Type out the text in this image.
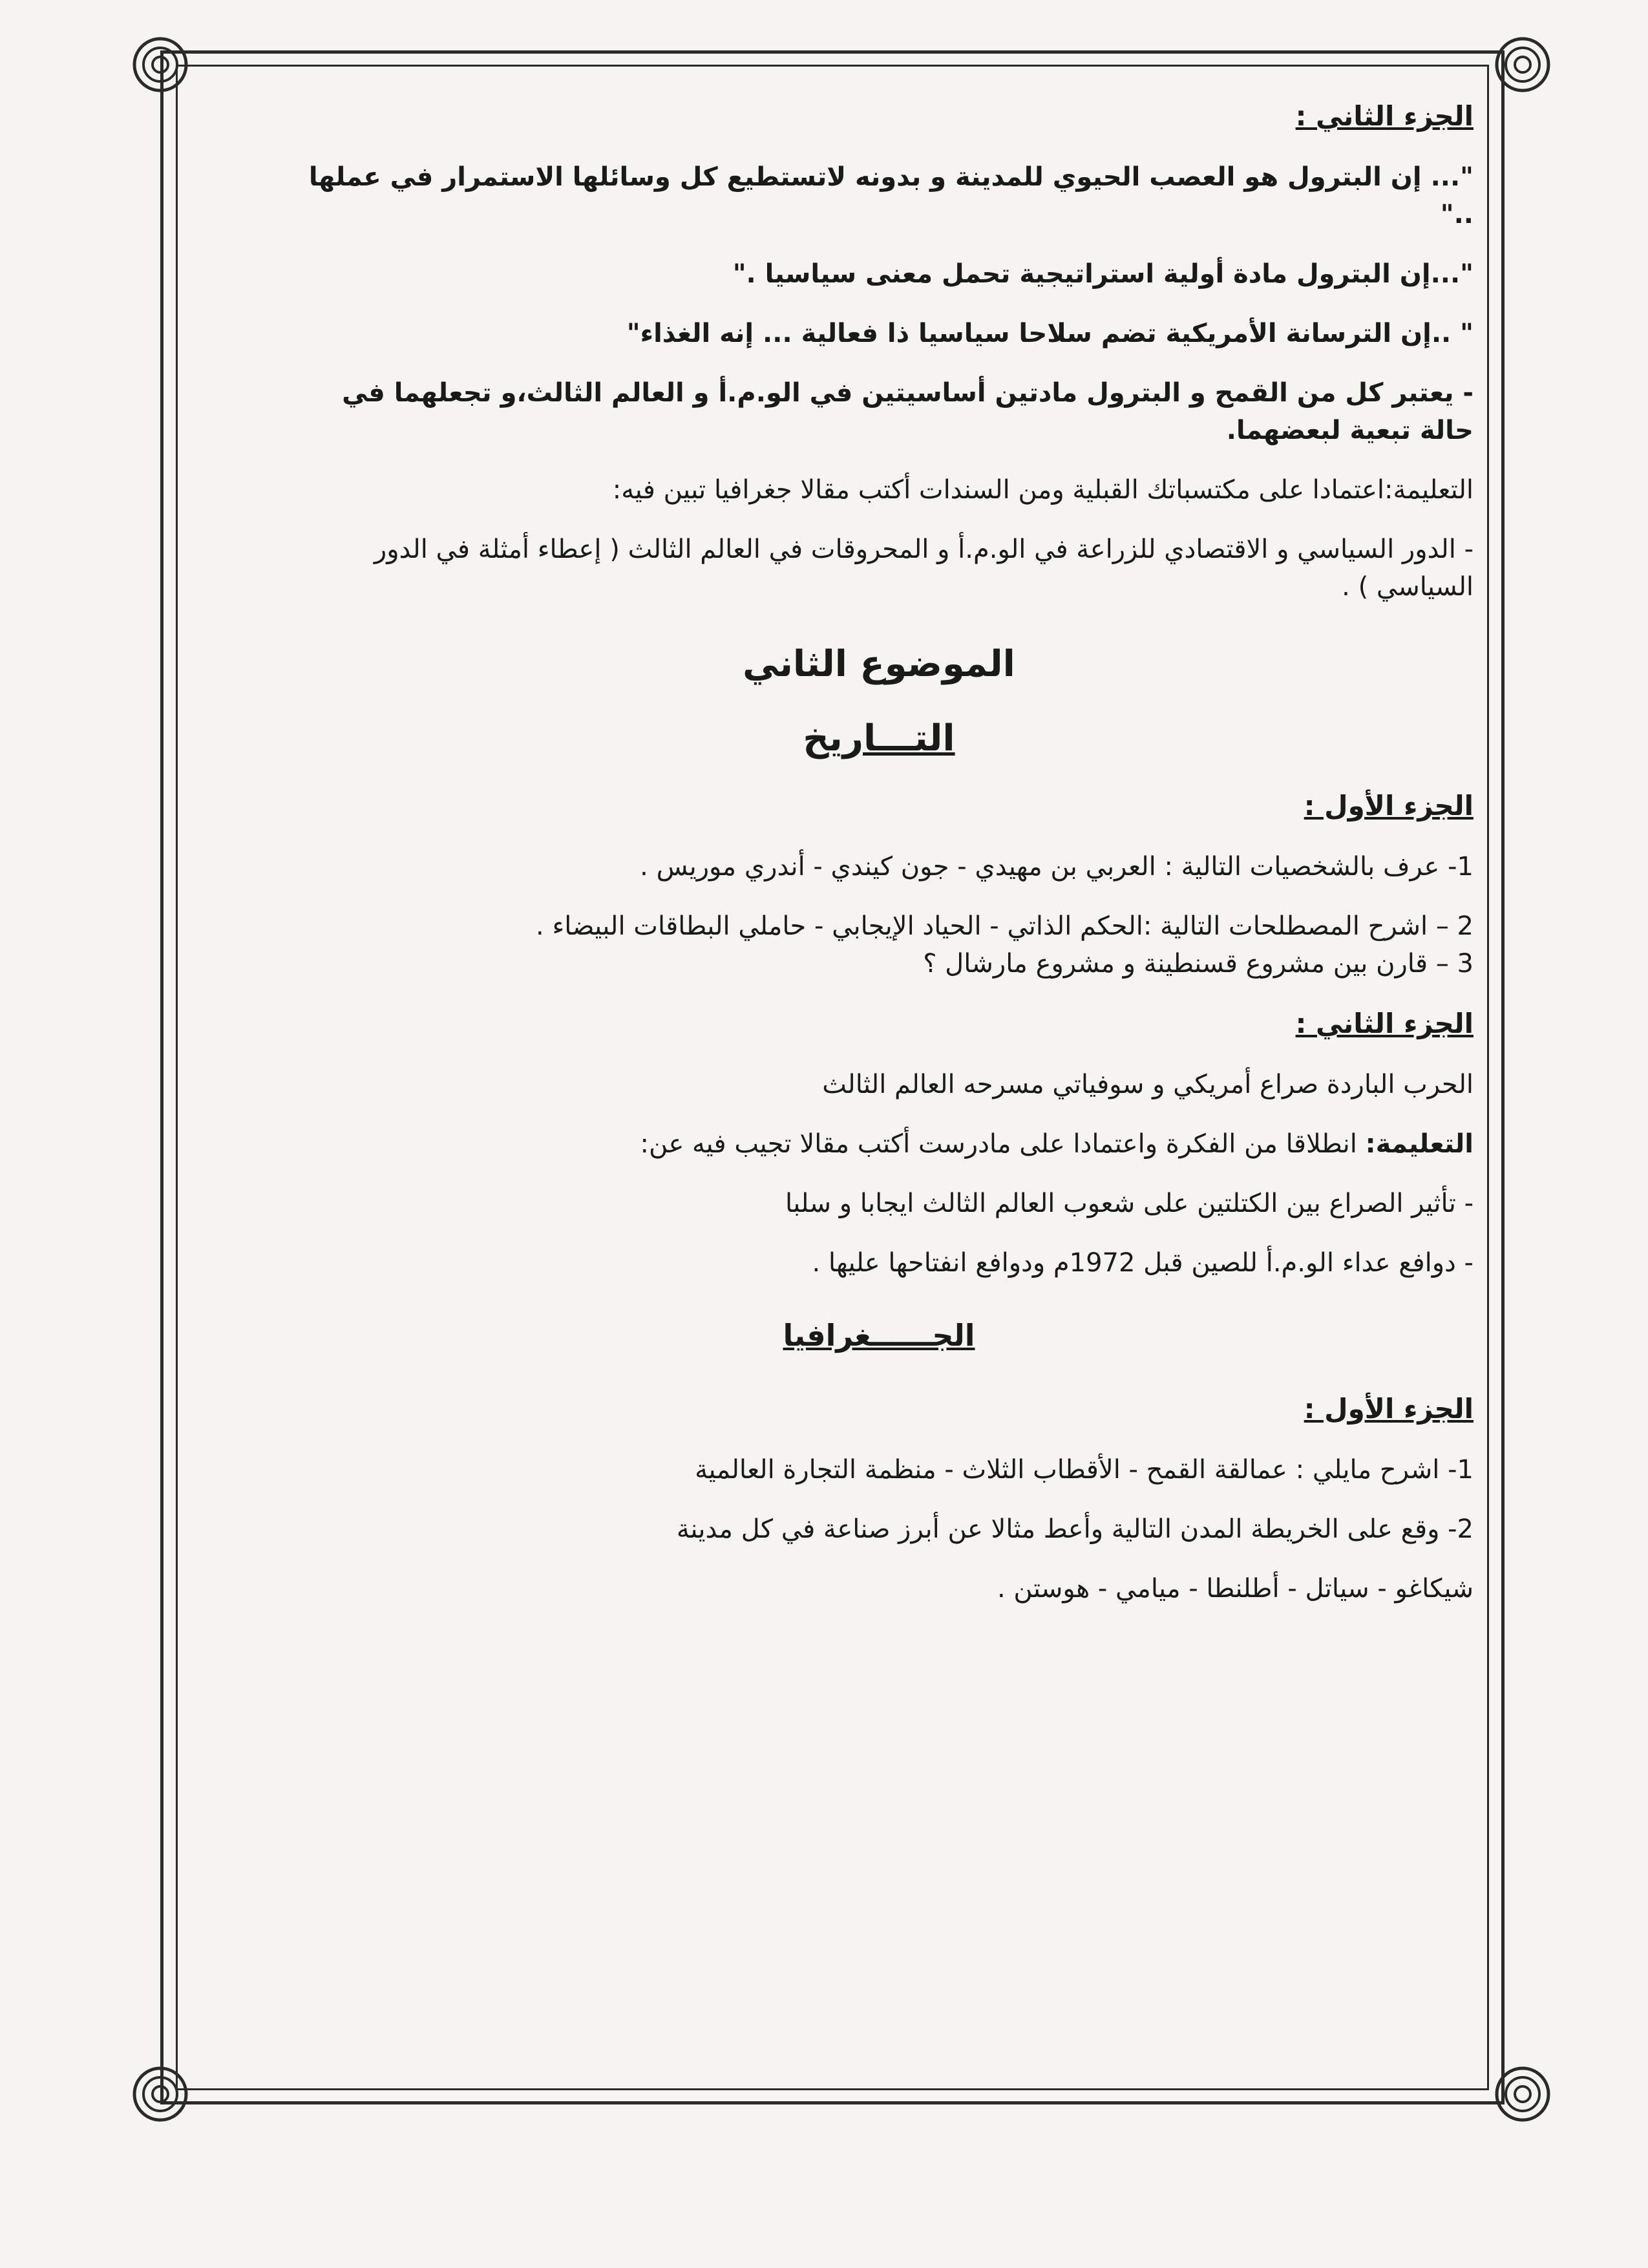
الجزء الثاني :

"... إن البترول هو العصب الحيوي للمدينة و بدونه لاتستطيع كل وسائلها الاستمرار في عملها .."

"...إن البترول مادة أولية استراتيجية تحمل معنى سياسيا ."

" ..إن الترسانة الأمريكية تضم سلاحا سياسيا ذا فعالية ... إنه الغذاء"

- يعتبر كل من القمح و البترول مادتين أساسيتين في الو.م.أ و العالم الثالث،و تجعلهما في حالة تبعية لبعضهما.

التعليمة:اعتمادا على مكتسباتك القبلية ومن السندات أكتب مقالا جغرافيا تبين فيه:

- الدور السياسي و الاقتصادي للزراعة في الو.م.أ و المحروقات في العالم الثالث ( إعطاء أمثلة في الدور السياسي ) .

الموضوع الثاني

التـــاريخ

الجزء الأول :

1- عرف بالشخصيات التالية : العربي بن مهيدي - جون كيندي - أندري موريس .

2 – اشرح المصطلحات التالية :الحكم الذاتي - الحياد الإيجابي - حاملي البطاقات البيضاء .

3 – قارن بين مشروع قسنطينة و مشروع مارشال ؟

الجزء الثاني :

الحرب الباردة صراع أمريكي و سوفياتي مسرحه العالم الثالث

التعليمة: انطلاقا من الفكرة واعتمادا على مادرست أكتب مقالا تجيب فيه عن:

- تأثير الصراع بين الكتلتين على شعوب العالم الثالث ايجابا و سلبا

- دوافع عداء الو.م.أ للصين قبل 1972م ودوافع انفتاحها عليها .

الجــــــغرافيا

الجزء الأول :

1- اشرح مايلي : عمالقة القمح - الأقطاب الثلاث - منظمة التجارة العالمية

2- وقع على الخريطة المدن التالية وأعط مثالا عن أبرز صناعة في كل مدينة

شيكاغو - سياتل - أطلنطا - ميامي - هوستن .
